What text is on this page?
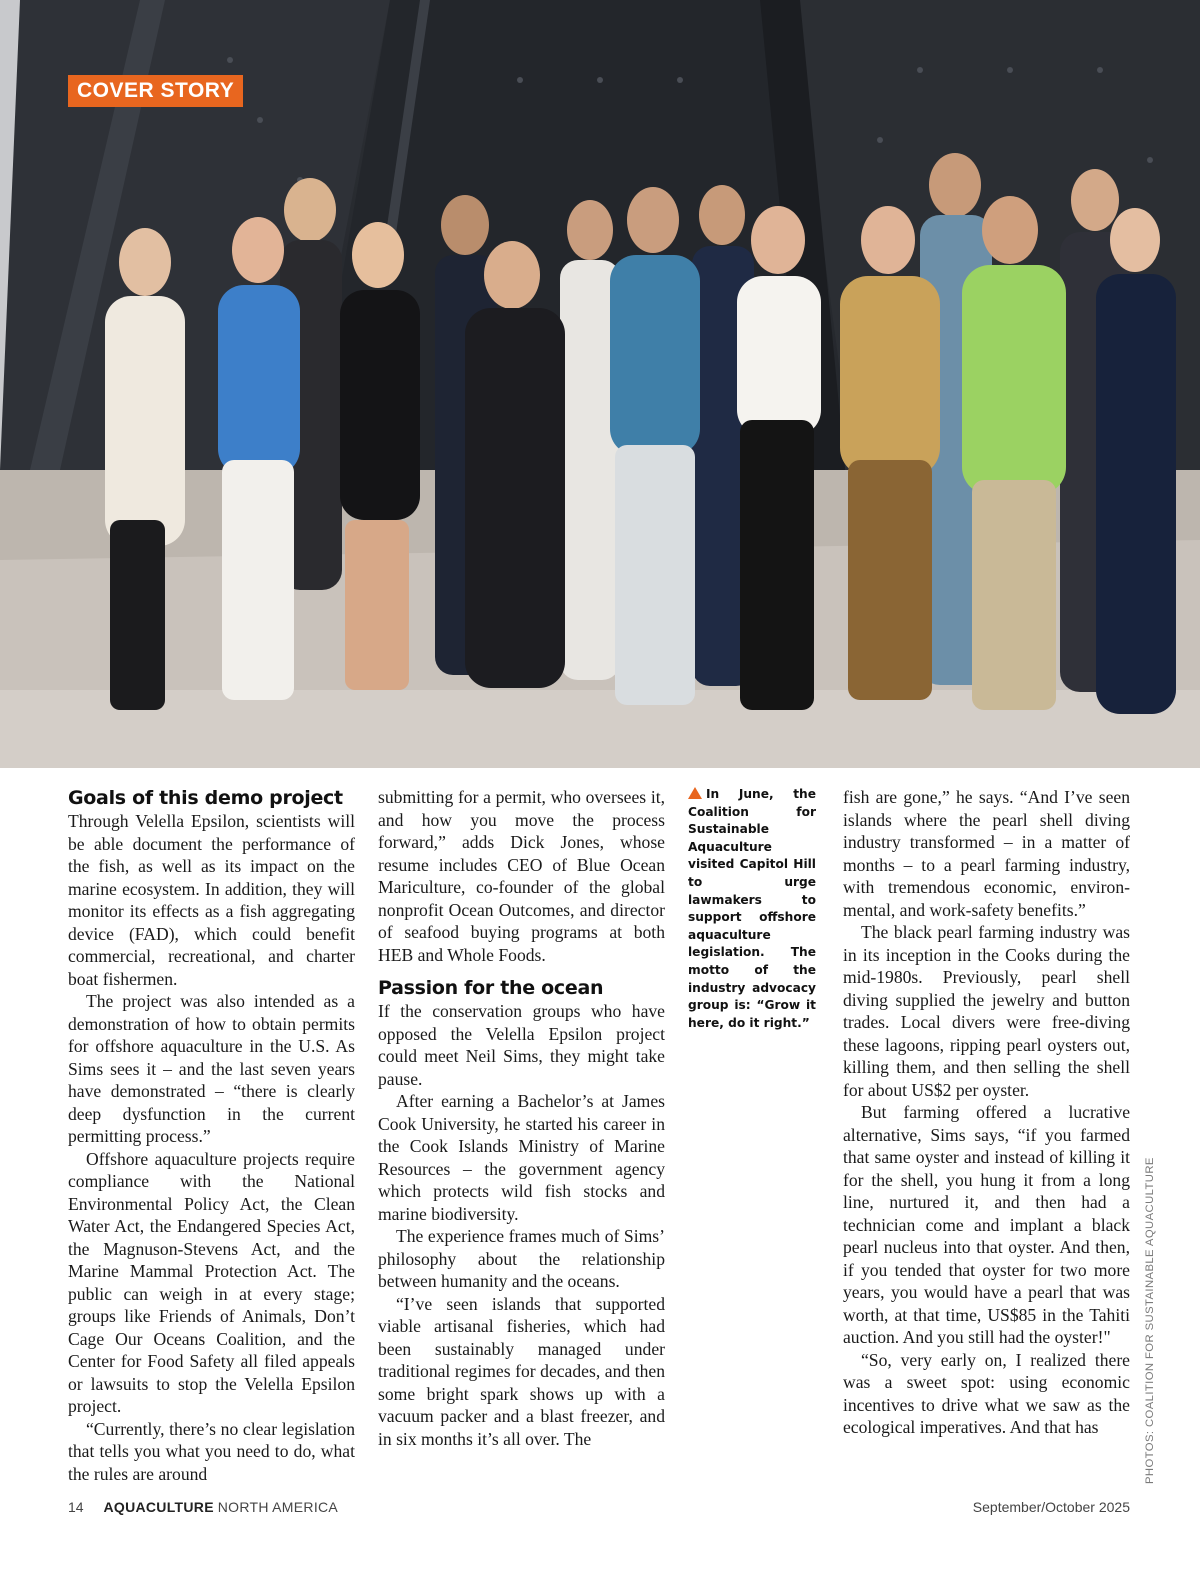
COVER STORY
Goals of this demo project

Through Velella Epsilon, scientists will be able document the performance of the fish, as well as its impact on the marine ecosystem. In addition, they will monitor its effects as a fish aggregating device (FAD), which could benefit commercial, recreational, and charter boat fishermen.

The project was also intended as a demonstration of how to obtain permits for offshore aquaculture in the U.S. As Sims sees it – and the last seven years have demonstrated – “there is clearly deep dysfunction in the current permitting process.”

Offshore aquaculture projects require compliance with the National Environmental Policy Act, the Clean Water Act, the Endangered Species Act, the Magnuson-Stevens Act, and the Marine Mammal Protection Act. The public can weigh in at every stage; groups like Friends of Animals, Don’t Cage Our Oceans Coalition, and the Center for Food Safety all filed appeals or lawsuits to stop the Velella Epsilon project.

“Currently, there’s no clear legislation that tells you what you need to do, what the rules are around

submitting for a permit, who oversees it, and how you move the process forward,” adds Dick Jones, whose resume includes CEO of Blue Ocean Mariculture, co-founder of the global nonprofit Ocean Outcomes, and director of seafood buying programs at both HEB and Whole Foods.

Passion for the ocean

If the conservation groups who have opposed the Velella Epsilon project could meet Neil Sims, they might take pause.

After earning a Bachelor’s at James Cook University, he started his career in the Cook Islands Ministry of Marine Resources – the government agency which protects wild fish stocks and marine biodiversity.

The experience frames much of Sims’ philosophy about the relationship between humanity and the oceans.

“I’ve seen islands that supported viable artisanal fisheries, which had been sustainably managed under traditional regimes for decades, and then some bright spark shows up with a vacuum packer and a blast freezer, and in six months it’s all over. The

In June, the Coalition for Sustainable Aquaculture visited Capitol Hill to urge lawmakers to support offshore aquaculture legislation. The motto of the industry advocacy group is: “Grow it here, do it right.”

fish are gone,” he says. “And I’ve seen islands where the pearl shell diving industry transformed – in a matter of months – to a pearl farming industry, with tremendous economic, environmental, and work-safety benefits.”

The black pearl farming industry was in its inception in the Cooks during the mid-1980s. Previously, pearl shell diving supplied the jewelry and button trades. Local divers were free-diving these lagoons, ripping pearl oysters out, killing them, and then selling the shell for about US$2 per oyster.

But farming offered a lucrative alternative, Sims says, “if you farmed that same oyster and instead of killing it for the shell, you hung it from a long line, nurtured it, and then had a technician come and implant a black pearl nucleus into that oyster. And then, if you tended that oyster for two more years, you would have a pearl that was worth, at that time, US$85 in the Tahiti auction. And you still had the oyster!"

“So, very early on, I realized there was a sweet spot: using economic incentives to drive what we saw as the ecological imperatives. And that has	PHOTOS: COALITION FOR SUSTAINABLE AQUACULTURE
14 AQUACULTURE NORTH AMERICA	September/October 2025
